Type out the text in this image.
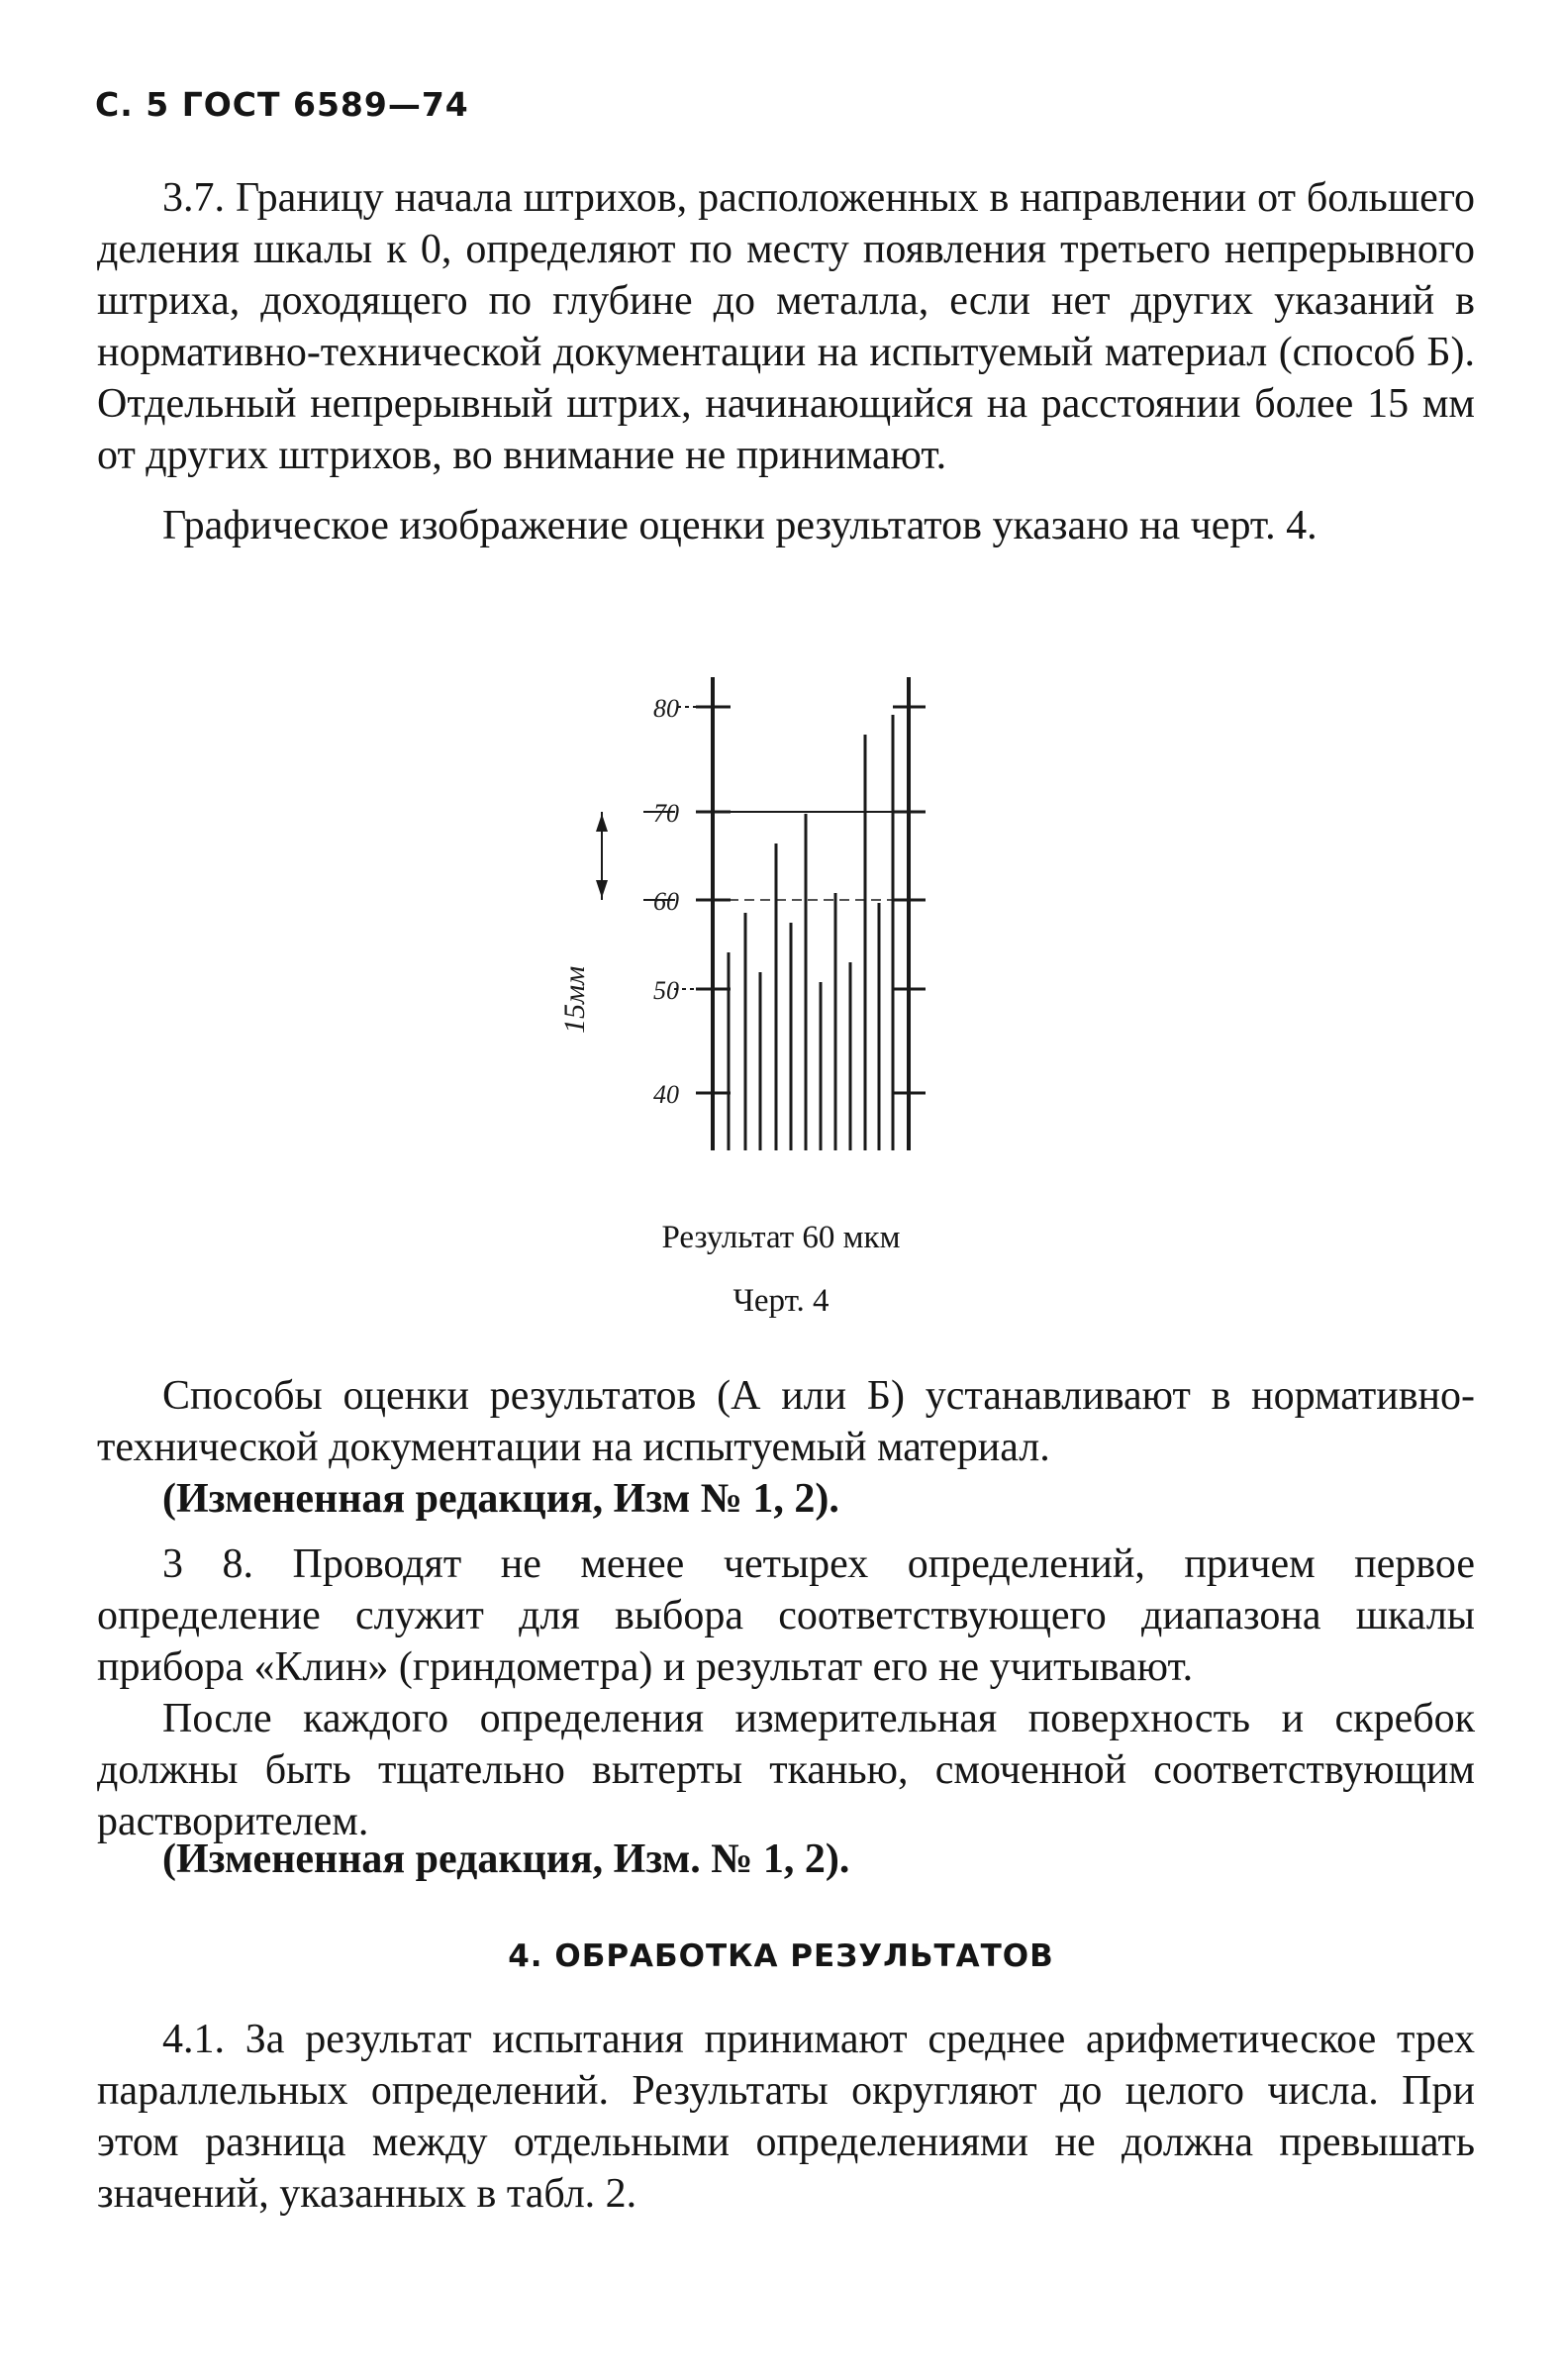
С. 5 ГОСТ 6589—74

3.7. Границу начала штрихов, расположенных в направлении от большего деления шкалы к 0, определяют по месту появления третьего непрерывного штриха, доходящего по глубине до металла, если нет других указаний в нормативно-технической документации на испытуемый материал (способ Б). Отдельный непрерывный штрих, начинающийся на расстоянии более 15 мм от других штрихов, во внимание не принимают.

Графическое изображение оценки результатов указано на черт. 4.

80
70
60
50
40
15мм
Результат 60 мкм
Черт. 4

Способы оценки результатов (А или Б) устанавливают в нормативно-технической документации на испытуемый материал.

(Измененная редакция, Изм № 1, 2).

3 8. Проводят не менее четырех определений, причем первое определение служит для выбора соответствующего диапазона шкалы прибора «Клин» (гриндометра) и результат его не учитывают.

После каждого определения измерительная поверхность и скребок должны быть тщательно вытерты тканью, смоченной соответствующим растворителем.

(Измененная редакция, Изм. № 1, 2).

4. ОБРАБОТКА РЕЗУЛЬТАТОВ

4.1. За результат испытания принимают среднее арифметическое трех параллельных определений. Результаты округляют до целого числа. При этом разница между отдельными определениями не должна превышать значений, указанных в табл. 2.
